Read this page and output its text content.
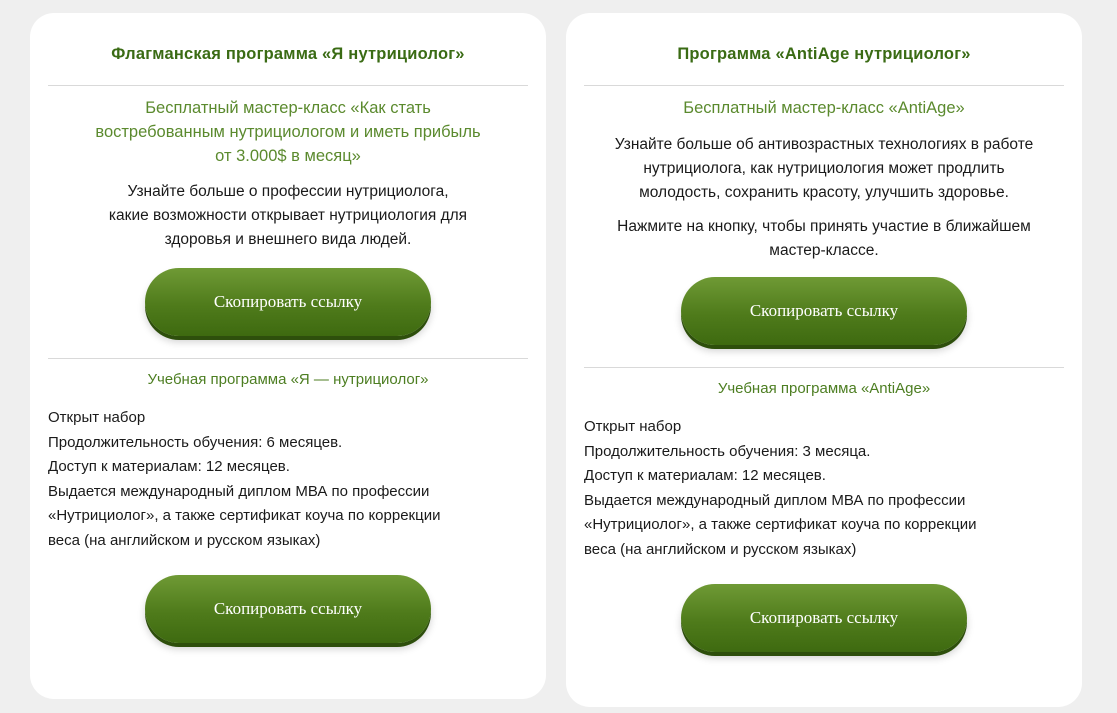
Флагманская программа «Я нутрициолог»
Бесплатный мастер-класс «Как стать
востребованным нутрициологом и иметь прибыль
от 3.000$ в месяц»
Узнайте больше о профессии нутрициолога,
какие возможности открывает нутрициология для
здоровья и внешнего вида людей.
Скопировать ссылку
Учебная программа «Я — нутрициолог»
Открыт набор
Продолжительность обучения: 6 месяцев.
Доступ к материалам: 12 месяцев.
Выдается международный диплом МВА по профессии
«Нутрициолог», а также сертификат коуча по коррекции
веса (на английском и русском языках)
Скопировать ссылку
Программа «AntiAge нутрициолог»
Бесплатный мастер-класс «AntiAge»
Узнайте больше об антивозрастных технологиях в работе
нутрициолога, как нутрициология может продлить
молодость, сохранить красоту, улучшить здоровье.
Нажмите на кнопку, чтобы принять участие в ближайшем
мастер-классе.
Скопировать ссылку
Учебная программа «AntiAge»
Открыт набор
Продолжительность обучения: 3 месяца.
Доступ к материалам: 12 месяцев.
Выдается международный диплом МВА по профессии
«Нутрициолог», а также сертификат коуча по коррекции
веса (на английском и русском языках)
Скопировать ссылку
